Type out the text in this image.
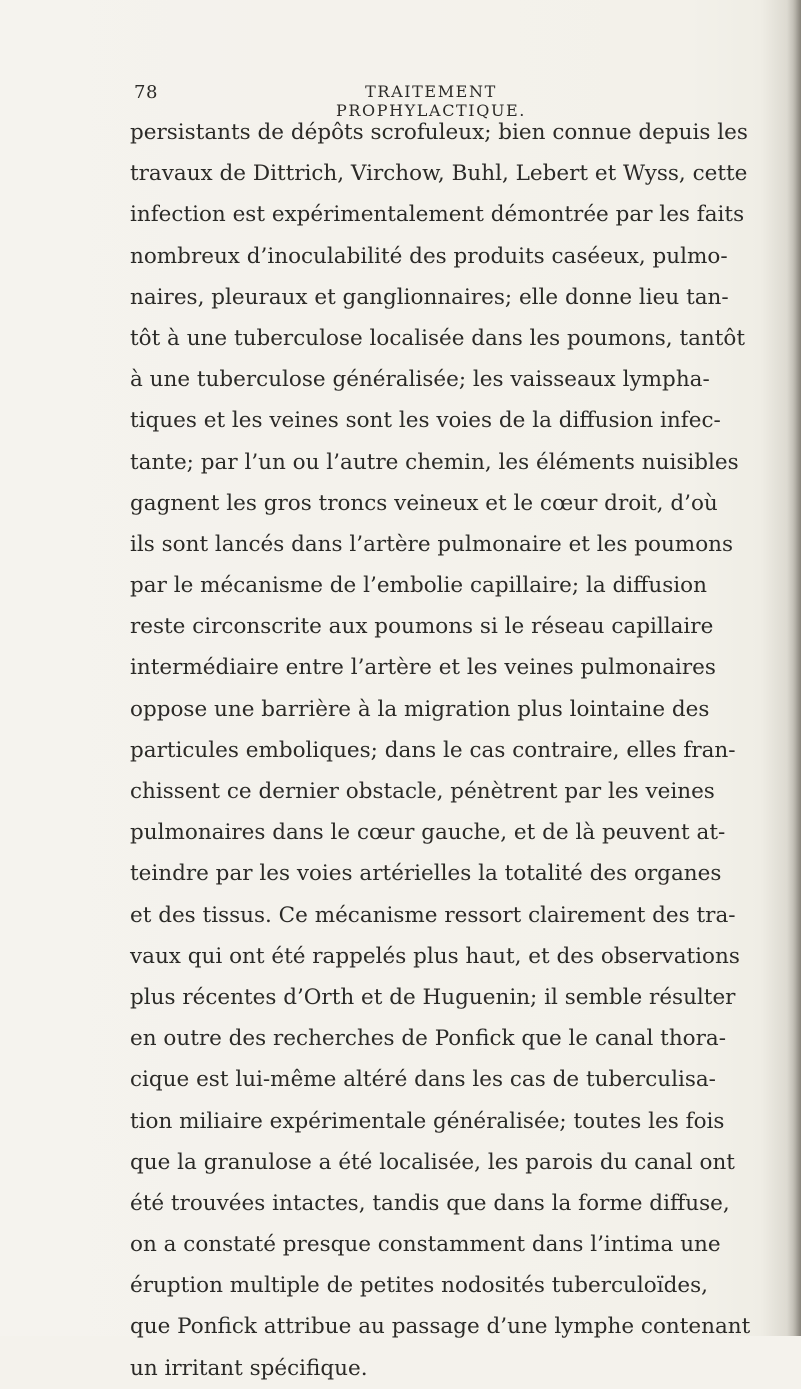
78	TRAITEMENT PROPHYLACTIQUE.
persistants de dépôts scrofuleux; bien connue depuis les
travaux de Dittrich, Virchow, Buhl, Lebert et Wyss, cette
infection est expérimentalement démontrée par les faits
nombreux d’inoculabilité des produits caséeux, pulmo-
naires, pleuraux et ganglionnaires; elle donne lieu tan-
tôt à une tuberculose localisée dans les poumons, tantôt
à une tuberculose généralisée; les vaisseaux lympha-
tiques et les veines sont les voies de la diffusion infec-
tante; par l’un ou l’autre chemin, les éléments nuisibles
gagnent les gros troncs veineux et le cœur droit, d’où
ils sont lancés dans l’artère pulmonaire et les poumons
par le mécanisme de l’embolie capillaire; la diffusion
reste circonscrite aux poumons si le réseau capillaire
intermédiaire entre l’artère et les veines pulmonaires
oppose une barrière à la migration plus lointaine des
particules emboliques; dans le cas contraire, elles fran-
chissent ce dernier obstacle, pénètrent par les veines
pulmonaires dans le cœur gauche, et de là peuvent at-
teindre par les voies artérielles la totalité des organes
et des tissus. Ce mécanisme ressort clairement des tra-
vaux qui ont été rappelés plus haut, et des observations
plus récentes d’Orth et de Huguenin; il semble résulter
en outre des recherches de Ponfick que le canal thora-
cique est lui-même altéré dans les cas de tuberculisa-
tion miliaire expérimentale généralisée; toutes les fois
que la granulose a été localisée, les parois du canal ont
été trouvées intactes, tandis que dans la forme diffuse,
on a constaté presque constamment dans l’intima une
éruption multiple de petites nodosités tuberculoïdes,
que Ponfick attribue au passage d’une lymphe contenant
un irritant spécifique.
